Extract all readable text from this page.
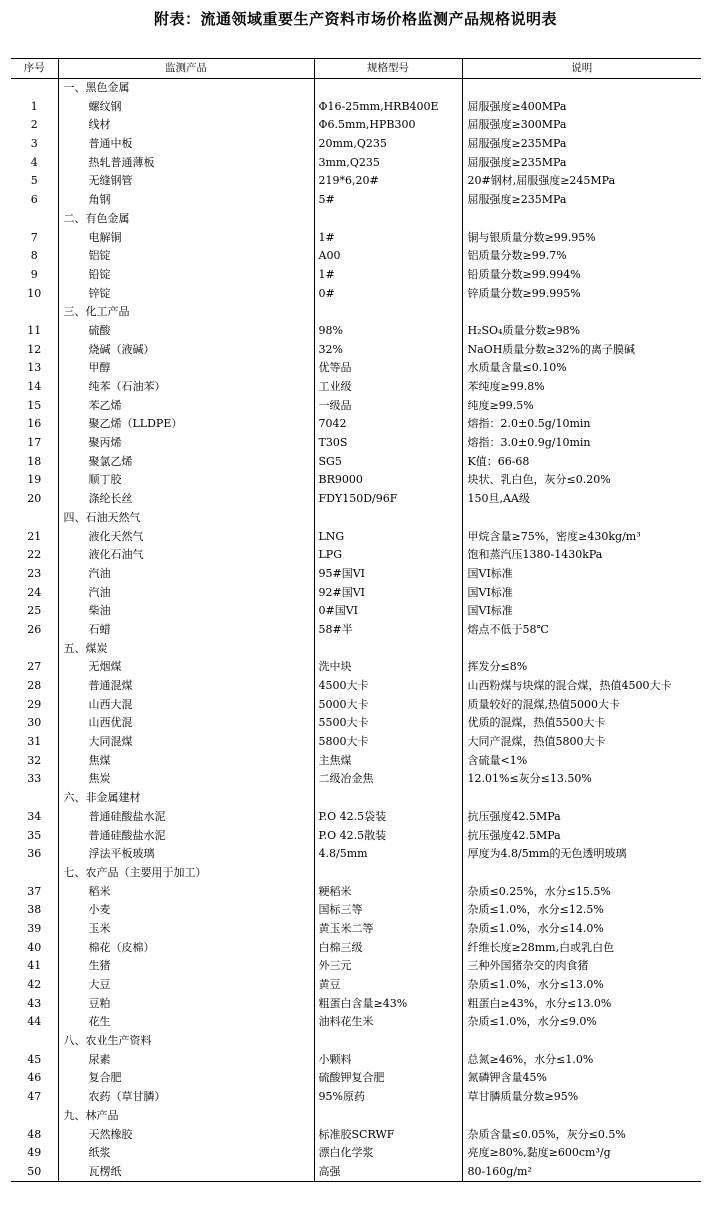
附表：流通领域重要生产资料市场价格监测产品规格说明表
序号	监测产品	规格型号	说明
	一、黑色金属		
1	螺纹钢	Φ16-25mm,HRB400E	屈服强度≥400MPa
2	线材	Φ6.5mm,HPB300	屈服强度≥300MPa
3	普通中板	20mm,Q235	屈服强度≥235MPa
4	热轧普通薄板	3mm,Q235	屈服强度≥235MPa
5	无缝钢管	219*6,20#	20#钢材,屈服强度≥245MPa
6	角钢	5#	屈服强度≥235MPa
	二、有色金属		
7	电解铜	1#	铜与银质量分数≥99.95%
8	铝锭	A00	铝质量分数≥99.7%
9	铅锭	1#	铅质量分数≥99.994%
10	锌锭	0#	锌质量分数≥99.995%
	三、化工产品		
11	硫酸	98%	H₂SO₄质量分数≥98%
12	烧碱（液碱）	32%	NaOH质量分数≥32%的离子膜碱
13	甲醇	优等品	水质量含量≤0.10%
14	纯苯（石油苯）	工业级	苯纯度≥99.8%
15	苯乙烯	一级品	纯度≥99.5%
16	聚乙烯（LLDPE）	7042	熔指：2.0±0.5g/10min
17	聚丙烯	T30S	熔指：3.0±0.9g/10min
18	聚氯乙烯	SG5	K值：66-68
19	顺丁胶	BR9000	块状、乳白色，灰分≤0.20%
20	涤纶长丝	FDY150D/96F	150旦,AA级
	四、石油天然气		
21	液化天然气	LNG	甲烷含量≥75%，密度≥430kg/m³
22	液化石油气	LPG	饱和蒸汽压1380-1430kPa
23	汽油	95#国VI	国VI标准
24	汽油	92#国VI	国VI标准
25	柴油	0#国VI	国VI标准
26	石蜡	58#半	熔点不低于58℃
	五、煤炭		
27	无烟煤	洗中块	挥发分≤8%
28	普通混煤	4500大卡	山西粉煤与块煤的混合煤，热值4500大卡
29	山西大混	5000大卡	质量较好的混煤,热值5000大卡
30	山西优混	5500大卡	优质的混煤，热值5500大卡
31	大同混煤	5800大卡	大同产混煤，热值5800大卡
32	焦煤	主焦煤	含硫量<1%
33	焦炭	二级冶金焦	12.01%≤灰分≤13.50%
	六、非金属建材		
34	普通硅酸盐水泥	P.O 42.5袋装	抗压强度42.5MPa
35	普通硅酸盐水泥	P.O 42.5散装	抗压强度42.5MPa
36	浮法平板玻璃	4.8/5mm	厚度为4.8/5mm的无色透明玻璃
	七、农产品（主要用于加工）		
37	稻米	粳稻米	杂质≤0.25%，水分≤15.5%
38	小麦	国标三等	杂质≤1.0%，水分≤12.5%
39	玉米	黄玉米二等	杂质≤1.0%，水分≤14.0%
40	棉花（皮棉）	白棉三级	纤维长度≥28mm,白或乳白色
41	生猪	外三元	三种外国猪杂交的肉食猪
42	大豆	黄豆	杂质≤1.0%，水分≤13.0%
43	豆粕	粗蛋白含量≥43%	粗蛋白≥43%，水分≤13.0%
44	花生	油料花生米	杂质≤1.0%，水分≤9.0%
	八、农业生产资料		
45	尿素	小颗料	总氮≥46%，水分≤1.0%
46	复合肥	硫酸钾复合肥	氮磷钾含量45%
47	农药（草甘膦）	95%原药	草甘膦质量分数≥95%
	九、林产品		
48	天然橡胶	标准胶SCRWF	杂质含量≤0.05%，灰分≤0.5%
49	纸浆	漂白化学浆	亮度≥80%,黏度≥600cm³/g
50	瓦楞纸	高强	80-160g/m²
